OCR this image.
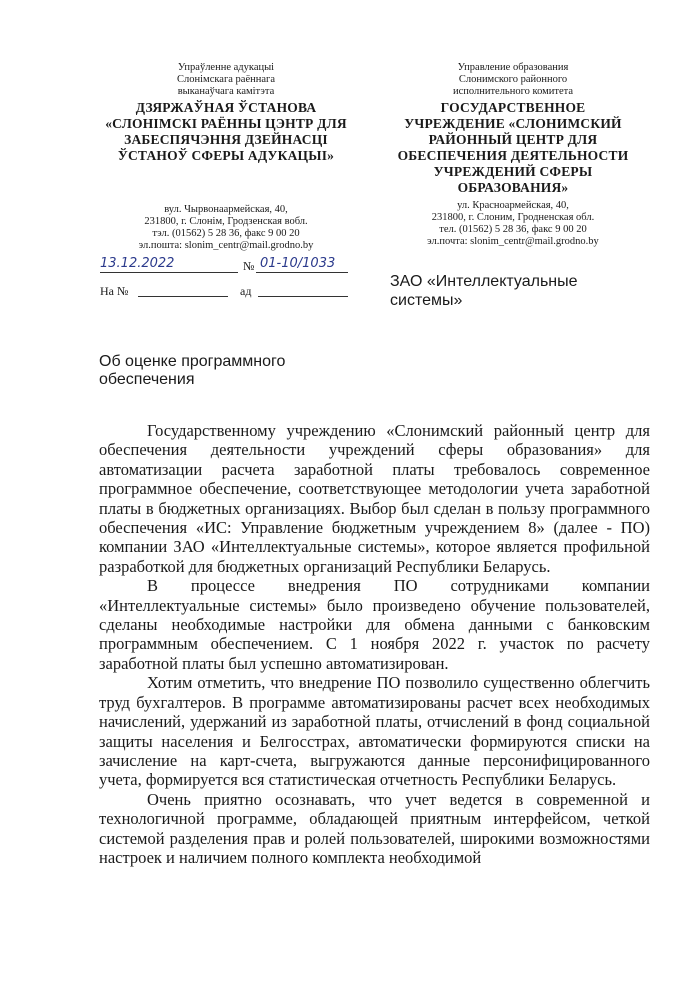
Упраўленне адукацыі
Слонімскага раённага
выканаўчага камітэта
ДЗЯРЖАЎНАЯ ЎСТАНОВА
«СЛОНІМСКІ РАЁННЫ ЦЭНТР ДЛЯ
ЗАБЕСПЯЧЭННЯ ДЗЕЙНАСЦІ
ЎСТАНОЎ СФЕРЫ АДУКАЦЫІ»
вул. Чырвонаармейская, 40,
231800, г. Слонім, Гродзенская вобл.
тэл. (01562) 5 28 36, факс 9 00 20
эл.пошта: slonim_centr@mail.grodno.by
Управление образования
Слонимского районного
исполнительного комитета
ГОСУДАРСТВЕННОЕ
УЧРЕЖДЕНИЕ «СЛОНИМСКИЙ
РАЙОННЫЙ ЦЕНТР ДЛЯ
ОБЕСПЕЧЕНИЯ ДЕЯТЕЛЬНОСТИ
УЧРЕЖДЕНИЙ СФЕРЫ
ОБРАЗОВАНИЯ»
ул. Красноармейская, 40,
231800, г. Слоним, Гродненская обл.
тел. (01562) 5 28 36, факс 9 00 20
эл.почта: slonim_centr@mail.grodno.by
13.12.2022	№ 01-10/1033
На №	ад
ЗАО «Интеллектуальные системы»
Об оценке программного обеспечения

Государственному учреждению «Слонимский районный центр для обеспечения деятельности учреждений сферы образования» для автоматизации расчета заработной платы требовалось современное программное обеспечение, соответствующее методологии учета заработной платы в бюджетных организациях. Выбор был сделан в пользу программного обеспечения «ИС: Управление бюджетным учреждением 8» (далее - ПО) компании ЗАО «Интеллектуальные системы», которое является профильной разработкой для бюджетных организаций Республики Беларусь.

В процессе внедрения ПО сотрудниками компании «Интеллектуальные системы» было произведено обучение пользователей, сделаны необходимые настройки для обмена данными с банковским программным обеспечением. С 1 ноября 2022 г. участок по расчету заработной платы был успешно автоматизирован.

Хотим отметить, что внедрение ПО позволило существенно облегчить труд бухгалтеров. В программе автоматизированы расчет всех необходимых начислений, удержаний из заработной платы, отчислений в фонд социальной защиты населения и Белгосстрах, автоматически формируются списки на зачисление на карт-счета, выгружаются данные персонифицированного учета, формируется вся статистическая отчетность Республики Беларусь.

Очень приятно осознавать, что учет ведется в современной и технологичной программе, обладающей приятным интерфейсом, четкой системой разделения прав и ролей пользователей, широкими возможностями настроек и наличием полного комплекта необходимой
